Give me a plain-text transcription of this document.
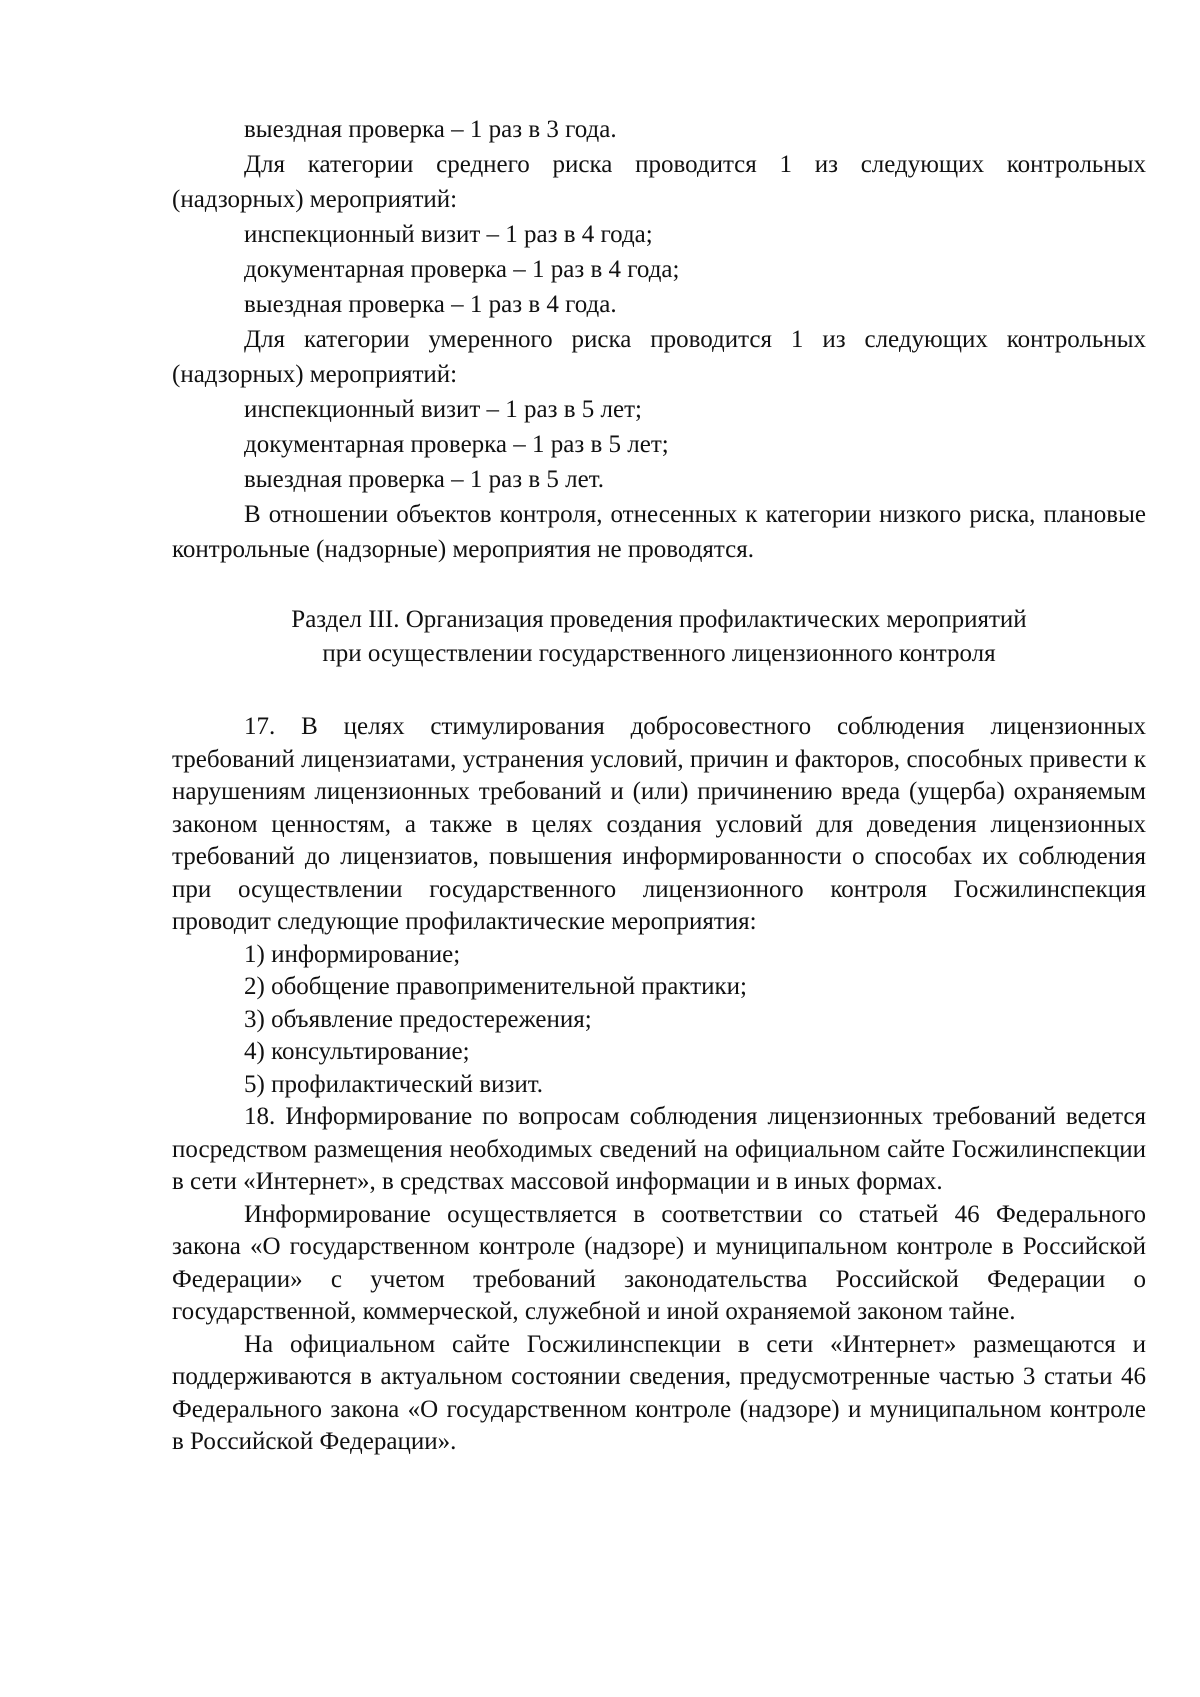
выездная проверка – 1 раз в 3 года.

Для категории среднего риска проводится 1 из следующих контрольных (надзорных) мероприятий:

инспекционный визит – 1 раз в 4 года;

документарная проверка – 1 раз в 4 года;

выездная проверка – 1 раз в 4 года.

Для категории умеренного риска проводится 1 из следующих контрольных (надзорных) мероприятий:

инспекционный визит – 1 раз в 5 лет;

документарная проверка – 1 раз в 5 лет;

выездная проверка – 1 раз в 5 лет.

В отношении объектов контроля, отнесенных к категории низкого риска, плановые контрольные (надзорные) мероприятия не проводятся.

Раздел III. Организация проведения профилактических мероприятий
при осуществлении государственного лицензионного контроля

17. В целях стимулирования добросовестного соблюдения лицензионных требований лицензиатами, устранения условий, причин и факторов, способных привести к нарушениям лицензионных требований и (или) причинению вреда (ущерба) охраняемым законом ценностям, а также в целях создания условий для доведения лицензионных требований до лицензиатов, повышения информированности о способах их соблюдения при осуществлении государственного лицензионного контроля Госжилинспекция проводит следующие профилактические мероприятия:

1) информирование;

2) обобщение правоприменительной практики;

3) объявление предостережения;

4) консультирование;

5) профилактический визит.

18. Информирование по вопросам соблюдения лицензионных требований ведется посредством размещения необходимых сведений на официальном сайте Госжилинспекции в сети «Интернет», в средствах массовой информации и в иных формах.

Информирование осуществляется в соответствии со статьей 46 Федерального закона «О государственном контроле (надзоре) и муниципальном контроле в Российской Федерации» с учетом требований законодательства Российской Федерации о государственной, коммерческой, служебной и иной охраняемой законом тайне.

На официальном сайте Госжилинспекции в сети «Интернет» размещаются и поддерживаются в актуальном состоянии сведения, предусмотренные частью 3 статьи 46 Федерального закона «О государственном контроле (надзоре) и муниципальном контроле в Российской Федерации».
